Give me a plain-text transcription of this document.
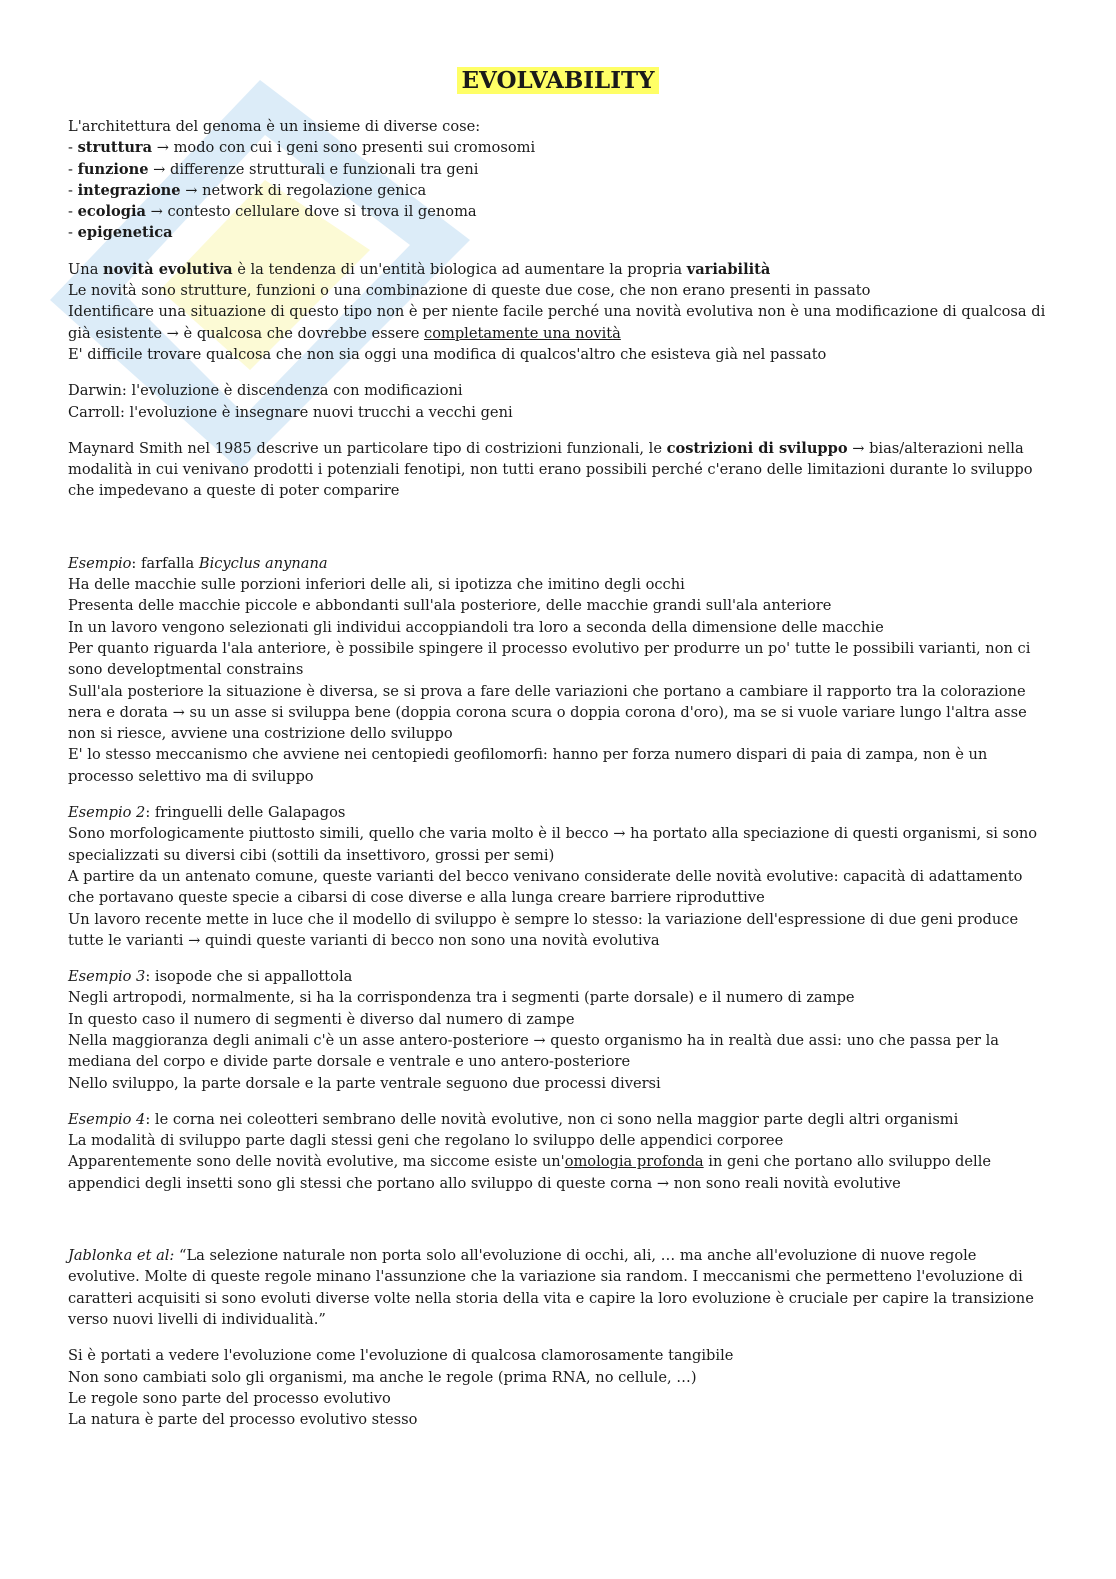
EVOLVABILITY

L'architettura del genoma è un insieme di diverse cose:
- struttura → modo con cui i geni sono presenti sui cromosomi
- funzione → differenze strutturali e funzionali tra geni
- integrazione → network di regolazione genica
- ecologia → contesto cellulare dove si trova il genoma
- epigenetica

Una novità evolutiva è la tendenza di un'entità biologica ad aumentare la propria variabilità
Le novità sono strutture, funzioni o una combinazione di queste due cose, che non erano presenti in passato
Identificare una situazione di questo tipo non è per niente facile perché una novità evolutiva non è una modificazione di qualcosa di già esistente → è qualcosa che dovrebbe essere completamente una novità
E' difficile trovare qualcosa che non sia oggi una modifica di qualcos'altro che esisteva già nel passato

Darwin: l'evoluzione è discendenza con modificazioni
Carroll: l'evoluzione è insegnare nuovi trucchi a vecchi geni

Maynard Smith nel 1985 descrive un particolare tipo di costrizioni funzionali, le costrizioni di sviluppo → bias/alterazioni nella modalità in cui venivano prodotti i potenziali fenotipi, non tutti erano possibili perché c'erano delle limitazioni durante lo sviluppo che impedevano a queste di poter comparire

Esempio: farfalla Bicyclus anynana
Ha delle macchie sulle porzioni inferiori delle ali, si ipotizza che imitino degli occhi
Presenta delle macchie piccole e abbondanti sull'ala posteriore, delle macchie grandi sull'ala anteriore
In un lavoro vengono selezionati gli individui accoppiandoli tra loro a seconda della dimensione delle macchie
Per quanto riguarda l'ala anteriore, è possibile spingere il processo evolutivo per produrre un po' tutte le possibili varianti, non ci sono developtmental constrains
Sull'ala posteriore la situazione è diversa, se si prova a fare delle variazioni che portano a cambiare il rapporto tra la colorazione nera e dorata → su un asse si sviluppa bene (doppia corona scura o doppia corona d'oro), ma se si vuole variare lungo l'altra asse non si riesce, avviene una costrizione dello sviluppo
E' lo stesso meccanismo che avviene nei centopiedi geofilomorfi: hanno per forza numero dispari di paia di zampa, non è un processo selettivo ma di sviluppo

Esempio 2: fringuelli delle Galapagos
Sono morfologicamente piuttosto simili, quello che varia molto è il becco → ha portato alla speciazione di questi organismi, si sono specializzati su diversi cibi (sottili da insettivoro, grossi per semi)
A partire da un antenato comune, queste varianti del becco venivano considerate delle novità evolutive: capacità di adattamento che portavano queste specie a cibarsi di cose diverse e alla lunga creare barriere riproduttive
Un lavoro recente mette in luce che il modello di sviluppo è sempre lo stesso: la variazione dell'espressione di due geni produce tutte le varianti → quindi queste varianti di becco non sono una novità evolutiva

Esempio 3: isopode che si appallottola
Negli artropodi, normalmente, si ha la corrispondenza tra i segmenti (parte dorsale) e il numero di zampe
In questo caso il numero di segmenti è diverso dal numero di zampe
Nella maggioranza degli animali c'è un asse antero-posteriore → questo organismo ha in realtà due assi: uno che passa per la mediana del corpo e divide parte dorsale e ventrale e uno antero-posteriore
Nello sviluppo, la parte dorsale e la parte ventrale seguono due processi diversi

Esempio 4: le corna nei coleotteri sembrano delle novità evolutive, non ci sono nella maggior parte degli altri organismi
La modalità di sviluppo parte dagli stessi geni che regolano lo sviluppo delle appendici corporee
Apparentemente sono delle novità evolutive, ma siccome esiste un'omologia profonda in geni che portano allo sviluppo delle appendici degli insetti sono gli stessi che portano allo sviluppo di queste corna → non sono reali novità evolutive

Jablonka et al: “La selezione naturale non porta solo all'evoluzione di occhi, ali, … ma anche all'evoluzione di nuove regole evolutive. Molte di queste regole minano l'assunzione che la variazione sia random. I meccanismi che permetteno l'evoluzione di caratteri acquisiti si sono evoluti diverse volte nella storia della vita e capire la loro evoluzione è cruciale per capire la transizione verso nuovi livelli di individualità.”

Si è portati a vedere l'evoluzione come l'evoluzione di qualcosa clamorosamente tangibile
Non sono cambiati solo gli organismi, ma anche le regole (prima RNA, no cellule, …)
Le regole sono parte del processo evolutivo
La natura è parte del processo evolutivo stesso
